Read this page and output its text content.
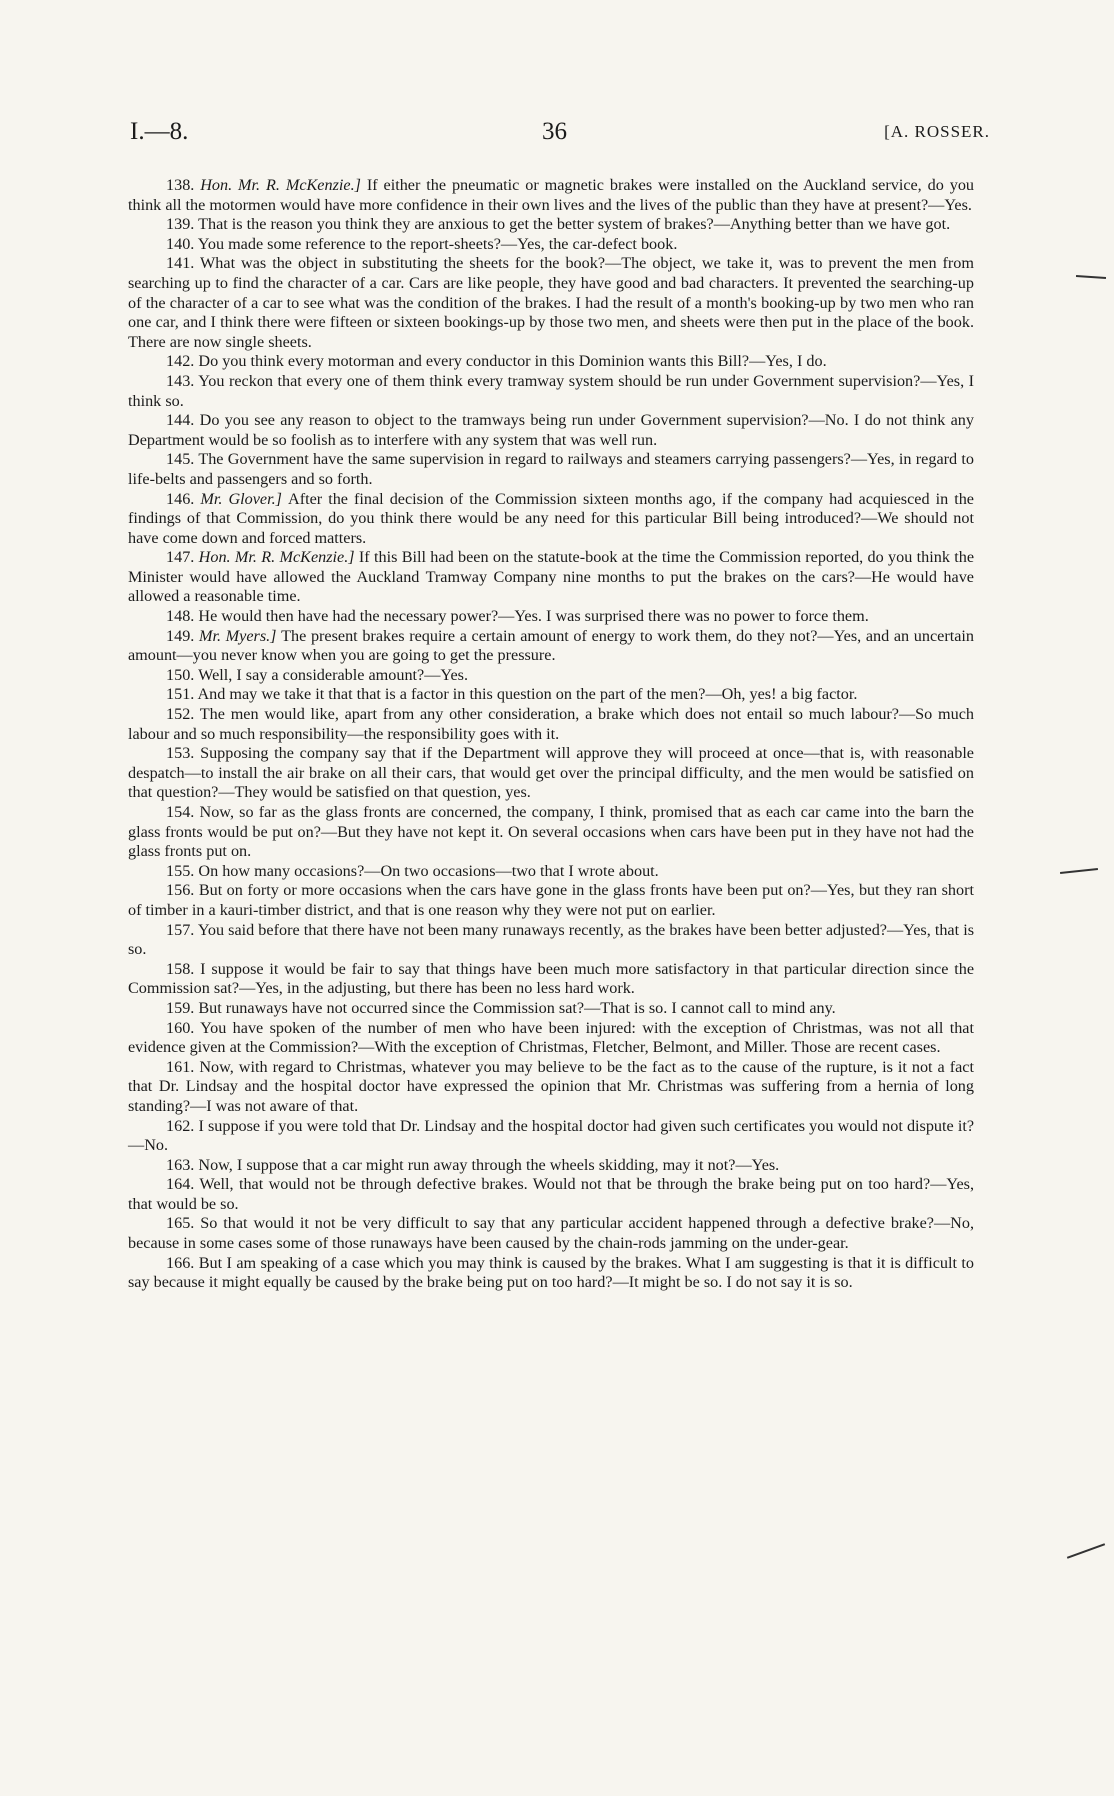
I.—8.	36	[A. ROSSER.

138. Hon. Mr. R. McKenzie.] If either the pneumatic or magnetic brakes were installed on the Auckland service, do you think all the motormen would have more confidence in their own lives and the lives of the public than they have at present?—Yes.

139. That is the reason you think they are anxious to get the better system of brakes?—Anything better than we have got.

140. You made some reference to the report-sheets?—Yes, the car-defect book.

141. What was the object in substituting the sheets for the book?—The object, we take it, was to prevent the men from searching up to find the character of a car. Cars are like people, they have good and bad characters. It prevented the searching-up of the character of a car to see what was the condition of the brakes. I had the result of a month's booking-up by two men who ran one car, and I think there were fifteen or sixteen bookings-up by those two men, and sheets were then put in the place of the book. There are now single sheets.

142. Do you think every motorman and every conductor in this Dominion wants this Bill?—Yes, I do.

143. You reckon that every one of them think every tramway system should be run under Government supervision?—Yes, I think so.

144. Do you see any reason to object to the tramways being run under Government supervision?—No. I do not think any Department would be so foolish as to interfere with any system that was well run.

145. The Government have the same supervision in regard to railways and steamers carrying passengers?—Yes, in regard to life-belts and passengers and so forth.

146. Mr. Glover.] After the final decision of the Commission sixteen months ago, if the company had acquiesced in the findings of that Commission, do you think there would be any need for this particular Bill being introduced?—We should not have come down and forced matters.

147. Hon. Mr. R. McKenzie.] If this Bill had been on the statute-book at the time the Commission reported, do you think the Minister would have allowed the Auckland Tramway Company nine months to put the brakes on the cars?—He would have allowed a reasonable time.

148. He would then have had the necessary power?—Yes. I was surprised there was no power to force them.

149. Mr. Myers.] The present brakes require a certain amount of energy to work them, do they not?—Yes, and an uncertain amount—you never know when you are going to get the pressure.

150. Well, I say a considerable amount?—Yes.

151. And may we take it that that is a factor in this question on the part of the men?—Oh, yes! a big factor.

152. The men would like, apart from any other consideration, a brake which does not entail so much labour?—So much labour and so much responsibility—the responsibility goes with it.

153. Supposing the company say that if the Department will approve they will proceed at once—that is, with reasonable despatch—to install the air brake on all their cars, that would get over the principal difficulty, and the men would be satisfied on that question?—They would be satisfied on that question, yes.

154. Now, so far as the glass fronts are concerned, the company, I think, promised that as each car came into the barn the glass fronts would be put on?—But they have not kept it. On several occasions when cars have been put in they have not had the glass fronts put on.

155. On how many occasions?—On two occasions—two that I wrote about.

156. But on forty or more occasions when the cars have gone in the glass fronts have been put on?—Yes, but they ran short of timber in a kauri-timber district, and that is one reason why they were not put on earlier.

157. You said before that there have not been many runaways recently, as the brakes have been better adjusted?—Yes, that is so.

158. I suppose it would be fair to say that things have been much more satisfactory in that particular direction since the Commission sat?—Yes, in the adjusting, but there has been no less hard work.

159. But runaways have not occurred since the Commission sat?—That is so. I cannot call to mind any.

160. You have spoken of the number of men who have been injured: with the exception of Christmas, was not all that evidence given at the Commission?—With the exception of Christmas, Fletcher, Belmont, and Miller. Those are recent cases.

161. Now, with regard to Christmas, whatever you may believe to be the fact as to the cause of the rupture, is it not a fact that Dr. Lindsay and the hospital doctor have expressed the opinion that Mr. Christmas was suffering from a hernia of long standing?—I was not aware of that.

162. I suppose if you were told that Dr. Lindsay and the hospital doctor had given such certificates you would not dispute it?—No.

163. Now, I suppose that a car might run away through the wheels skidding, may it not?—Yes.

164. Well, that would not be through defective brakes. Would not that be through the brake being put on too hard?—Yes, that would be so.

165. So that would it not be very difficult to say that any particular accident happened through a defective brake?—No, because in some cases some of those runaways have been caused by the chain-rods jamming on the under-gear.

166. But I am speaking of a case which you may think is caused by the brakes. What I am suggesting is that it is difficult to say because it might equally be caused by the brake being put on too hard?—It might be so. I do not say it is so.
